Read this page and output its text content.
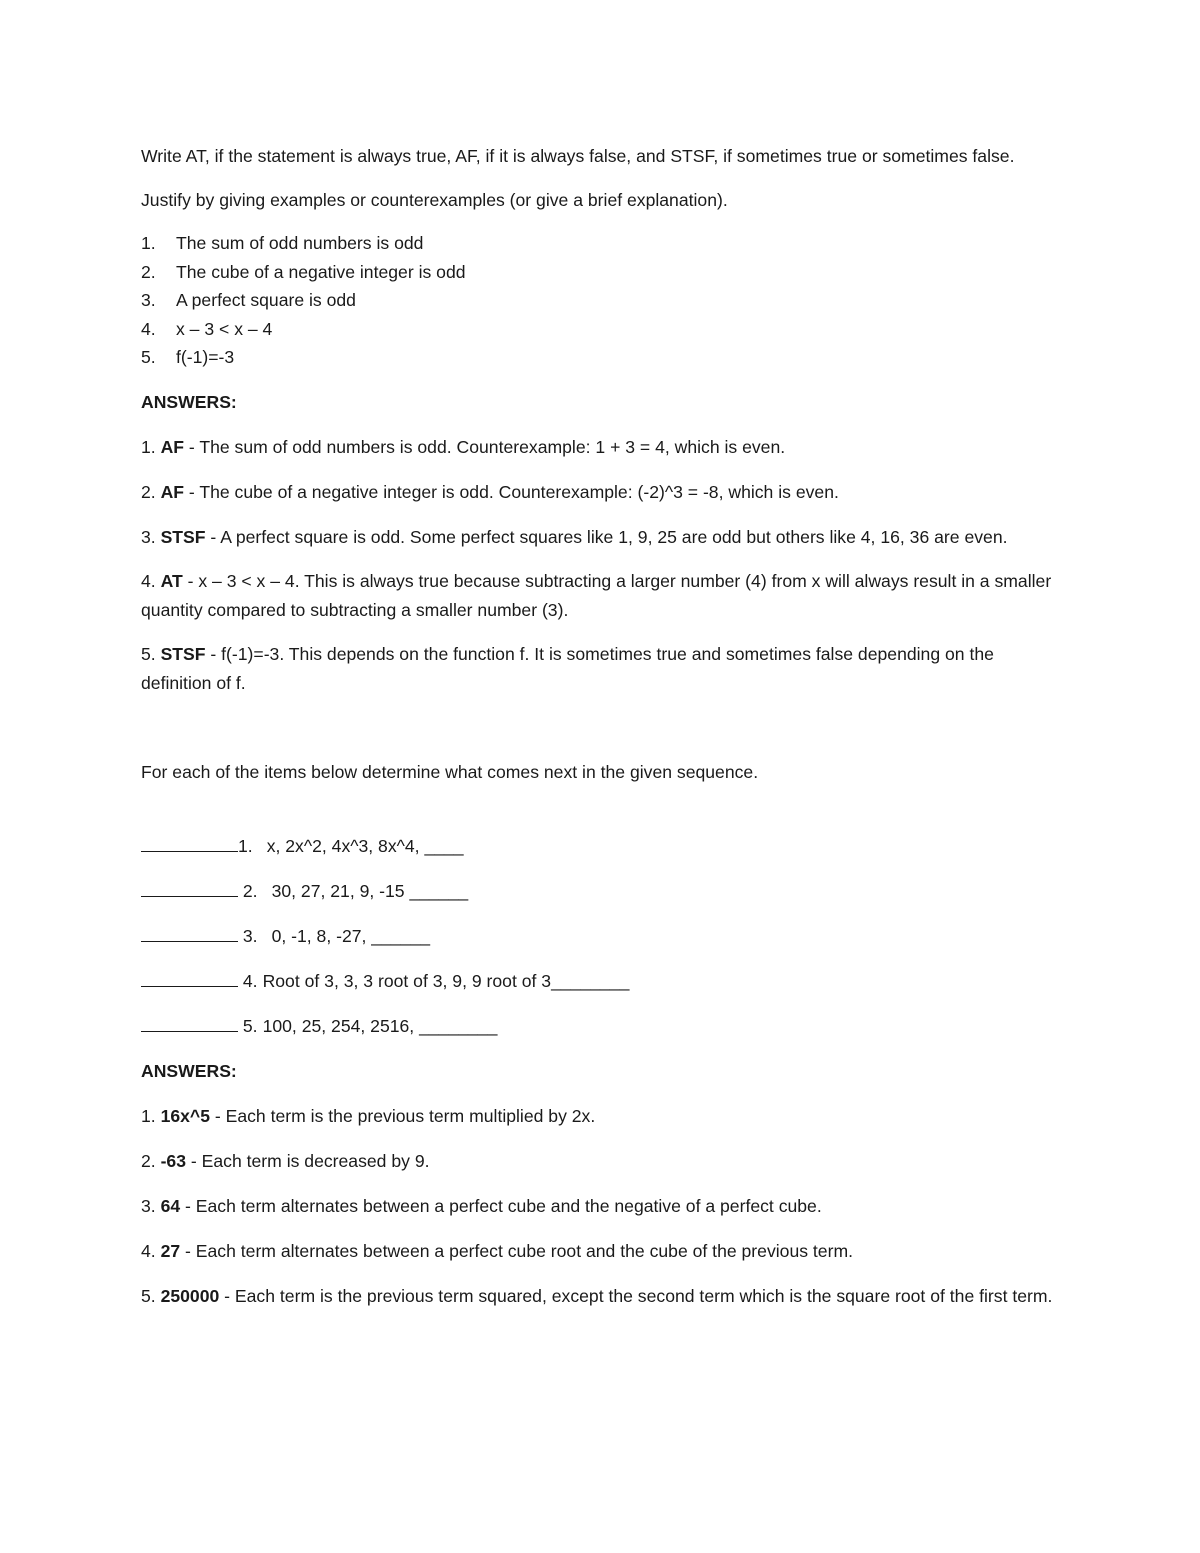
Write AT, if the statement is always true, AF, if it is always false, and STSF, if sometimes true or sometimes false.

Justify by giving examples or counterexamples (or give a brief explanation).

1.	The sum of odd numbers is odd
2.	The cube of a negative integer is odd
3.	A perfect square is odd
4.	x – 3 < x – 4
5.	f(-1)=-3

ANSWERS:

1. AF - The sum of odd numbers is odd. Counterexample: 1 + 3 = 4, which is even.

2. AF - The cube of a negative integer is odd. Counterexample: (-2)^3 = -8, which is even.

3. STSF - A perfect square is odd. Some perfect squares like 1, 9, 25 are odd but others like 4, 16, 36 are even.

4. AT - x – 3 < x – 4. This is always true because subtracting a larger number (4) from x will always result in a smaller quantity compared to subtracting a smaller number (3).

5. STSF - f(-1)=-3. This depends on the function f. It is sometimes true and sometimes false depending on the definition of f.

For each of the items below determine what comes next in the given sequence.

1. x, 2x^2, 4x^3, 8x^4, ____

2. 30, 27, 21, 9, -15 ______

3. 0, -1, 8, -27, ______

4. Root of 3, 3, 3 root of 3, 9, 9 root of 3________

5. 100, 25, 254, 2516, ________

ANSWERS:

1. 16x^5 - Each term is the previous term multiplied by 2x.

2. -63 - Each term is decreased by 9.

3. 64 - Each term alternates between a perfect cube and the negative of a perfect cube.

4. 27 - Each term alternates between a perfect cube root and the cube of the previous term.

5. 250000 - Each term is the previous term squared, except the second term which is the square root of the first term.
